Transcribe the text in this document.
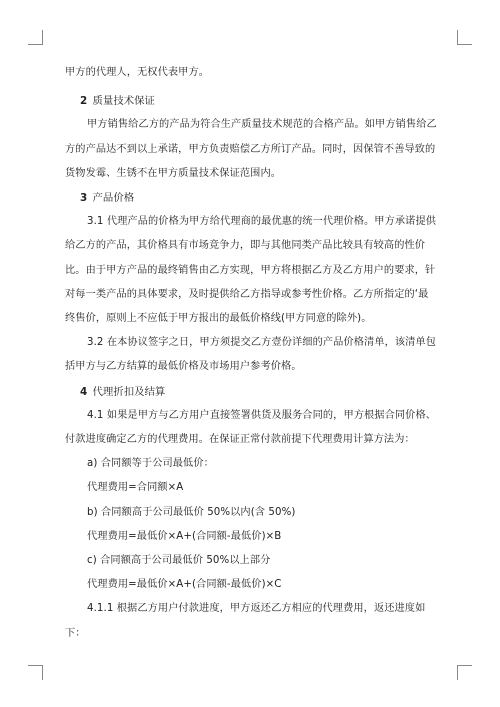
甲方的代理人，无权代表甲方。

2 质量技术保证

甲方销售给乙方的产品为符合生产质量技术规范的合格产品。如甲方销售给乙方的产品达不到以上承诺，甲方负责赔偿乙方所订产品。同时，因保管不善导致的货物发霉、生锈不在甲方质量技术保证范围内。

3 产品价格

3.1 代理产品的价格为甲方给代理商的最优惠的统一代理价格。甲方承诺提供给乙方的产品，其价格具有市场竞争力，即与其他同类产品比较具有较高的性价比。由于甲方产品的最终销售由乙方实现，甲方将根据乙方及乙方用户的要求，针对每一类产品的具体要求，及时提供给乙方指导或参考性价格。乙方所指定的‘最终售价，原则上不应低于甲方报出的最低价格线(甲方同意的除外)。

3.2 在本协议签字之日，甲方须提交乙方壹份详细的产品价格清单，该清单包括甲方与乙方结算的最低价格及市场用户参考价格。

4 代理折扣及结算

4.1 如果是甲方与乙方用户直接签署供货及服务合同的，甲方根据合同价格、付款进度确定乙方的代理费用。在保证正常付款前提下代理费用计算方法为：

a) 合同额等于公司最低价：

代理费用=合同额×A

b) 合同额高于公司最低价 50%以内(含 50%)

代理费用=最低价×A+(合同额-最低价)×B

c) 合同额高于公司最低价 50%以上部分

代理费用=最低价×A+(合同额-最低价)×C

4.1.1 根据乙方用户付款进度，甲方返还乙方相应的代理费用，返还进度如下：
